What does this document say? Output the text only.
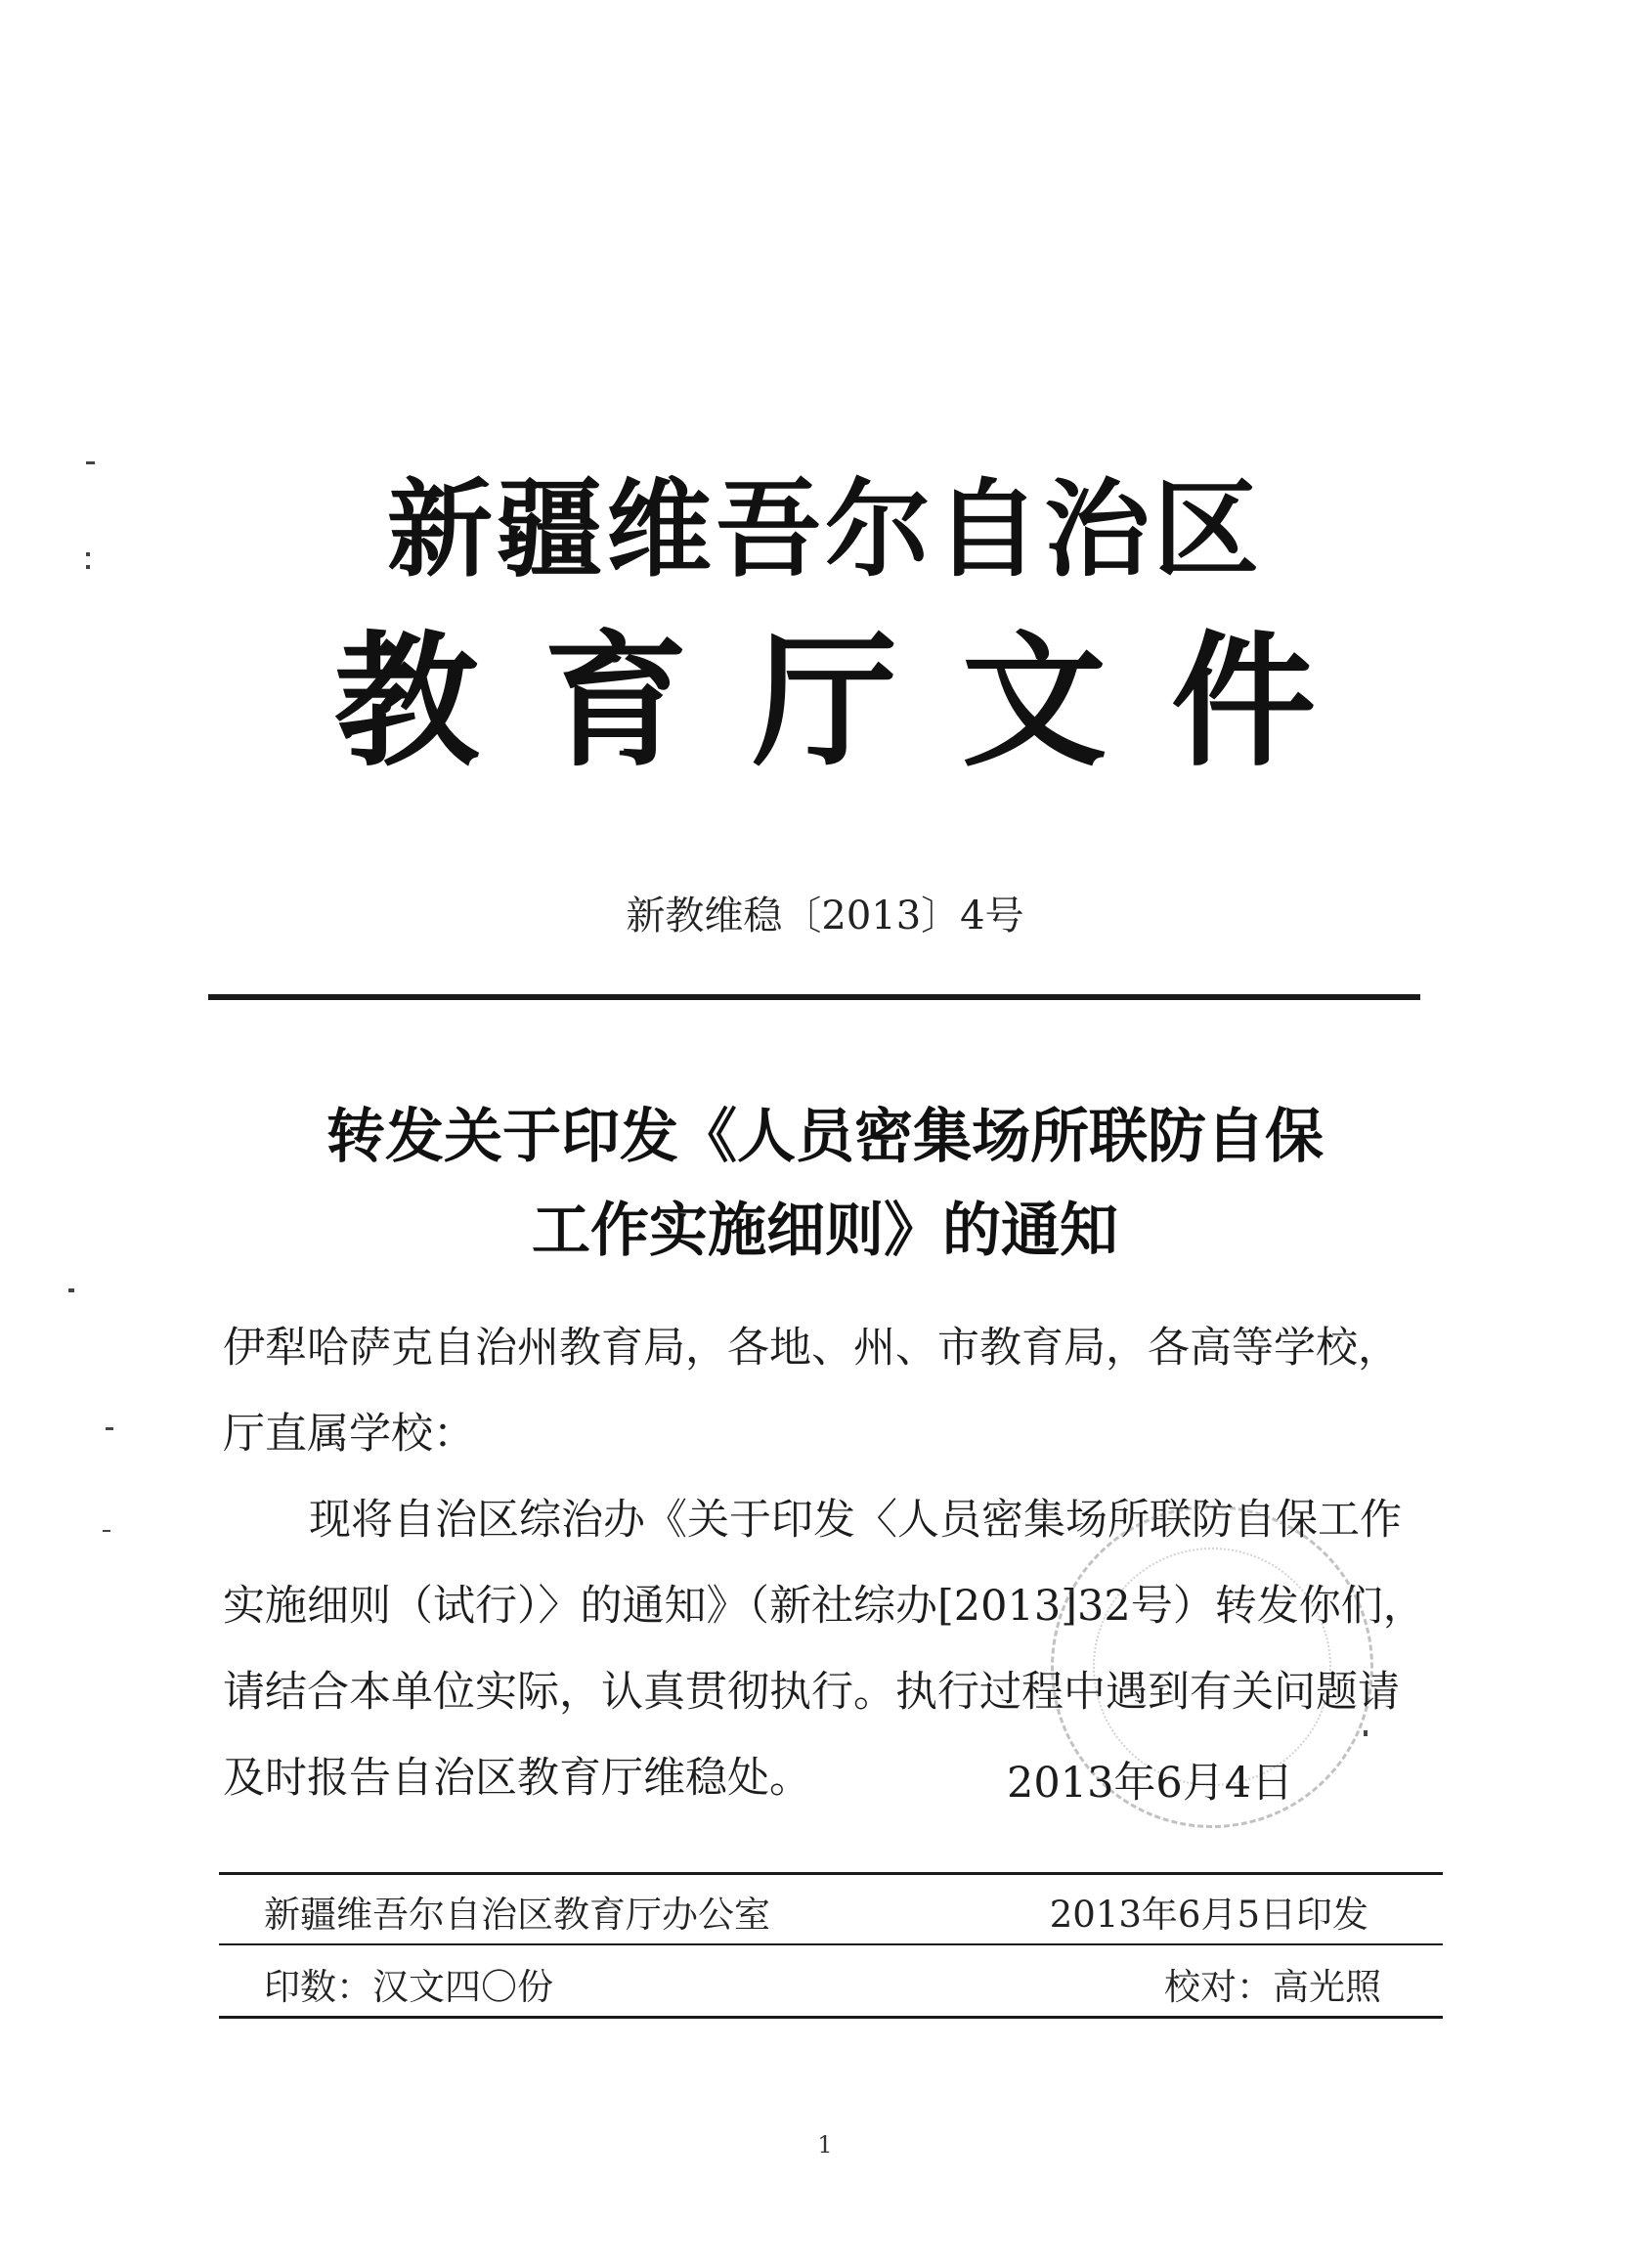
新疆维吾尔自治区
教育厅文件
新教维稳〔2013〕4号
转发关于印发《人员密集场所联防自保
工作实施细则》的通知
伊犁哈萨克自治州教育局，各地、州、市教育局，各高等学校，厅直属学校：
现将自治区综治办《关于印发〈人员密集场所联防自保工作实施细则（试行）〉的通知》（新社综办[2013]32号）转发你们，请结合本单位实际，认真贯彻执行。执行过程中遇到有关问题请及时报告自治区教育厅维稳处。	2013年6月4日
新疆维吾尔自治区教育厅办公室	2013年6月5日印发
印数：汉文四〇份	校对：高光照
1
